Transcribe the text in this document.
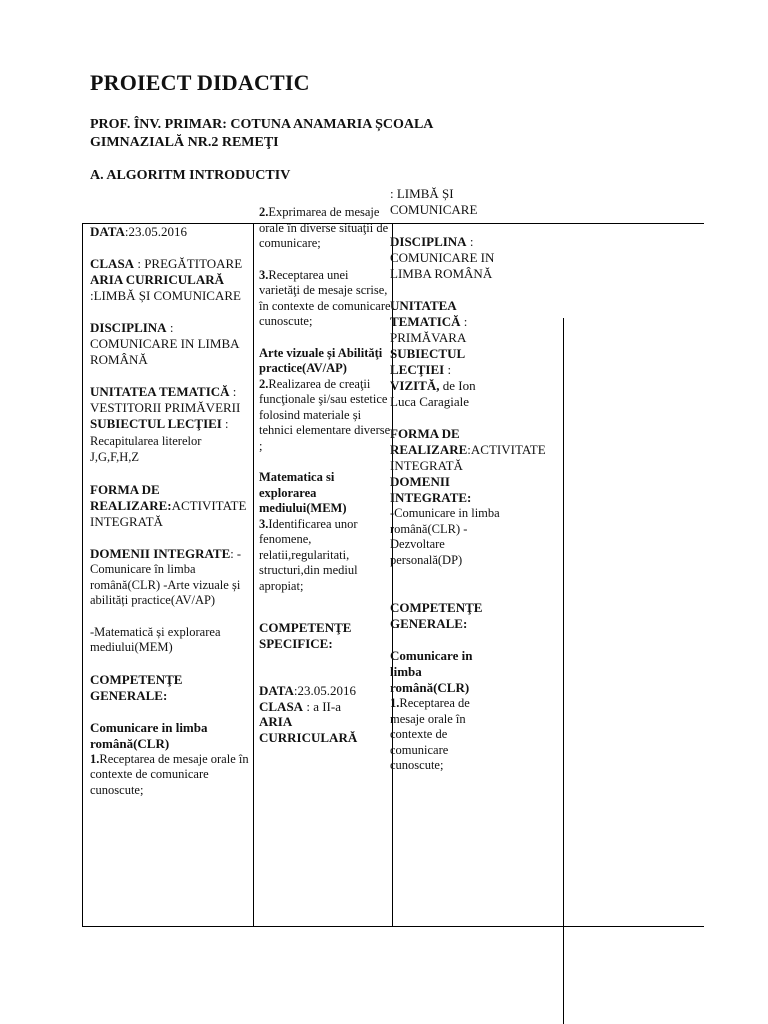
PROIECT DIDACTIC
PROF. ÎNV. PRIMAR: COTUNA ANAMARIA ȘCOALA GIMNAZIALĂ NR.2 REMEŢI
A. ALGORITM INTRODUCTIV

DATA:23.05.2016

CLASA : PREGĂTITOARE

ARIA CURRICULARĂ :LIMBĂ ȘI COMUNICARE

DISCIPLINA : COMUNICARE IN LIMBA ROMÂNĂ

UNITATEA TEMATICĂ : VESTITORII PRIMĂVERII

SUBIECTUL LECŢIEI : Recapitularea literelor J,G,F,H,Z

FORMA DE REALIZARE:ACTIVITATE INTEGRATĂ

DOMENII INTEGRATE: -Comunicare în limba română(CLR) -Arte vizuale și abilități practice(AV/AP)

-Matematică și explorarea mediului(MEM)

COMPETENŢE GENERALE:

Comunicare in limba română(CLR)

1.Receptarea de mesaje orale în contexte de comunicare cunoscute;

2.Exprimarea de mesaje orale în diverse situaţii de comunicare;

3.Receptarea unei varietăţi de mesaje scrise, în contexte de comunicare cunoscute;

Arte vizuale și Abilităţi practice(AV/AP)

2.Realizarea de creaţii funcţionale şi/sau estetice folosind materiale și tehnici elementare diverse ;

Matematica si explorarea mediului(MEM)

3.Identificarea unor fenomene, relatii,regularitati, structuri,din mediul apropiat;

COMPETENŢE SPECIFICE:

DATA:23.05.2016

CLASA : a II-a

ARIA CURRICULARĂ

: LIMBĂ ȘI COMUNICARE

DISCIPLINA : COMUNICARE IN LIMBA ROMÂNĂ

UNITATEA TEMATICĂ : PRIMĂVARA

SUBIECTUL LECŢIEI : VIZITĂ, de Ion Luca Caragiale

FORMA DE REALIZARE:ACTIVITATE INTEGRATĂ

DOMENII INTEGRATE:

-Comunicare in limba română(CLR) -Dezvoltare personală(DP)

COMPETENŢE GENERALE:

Comunicare in limba română(CLR)

1.Receptarea de mesaje orale în contexte de comunicare cunoscute;
